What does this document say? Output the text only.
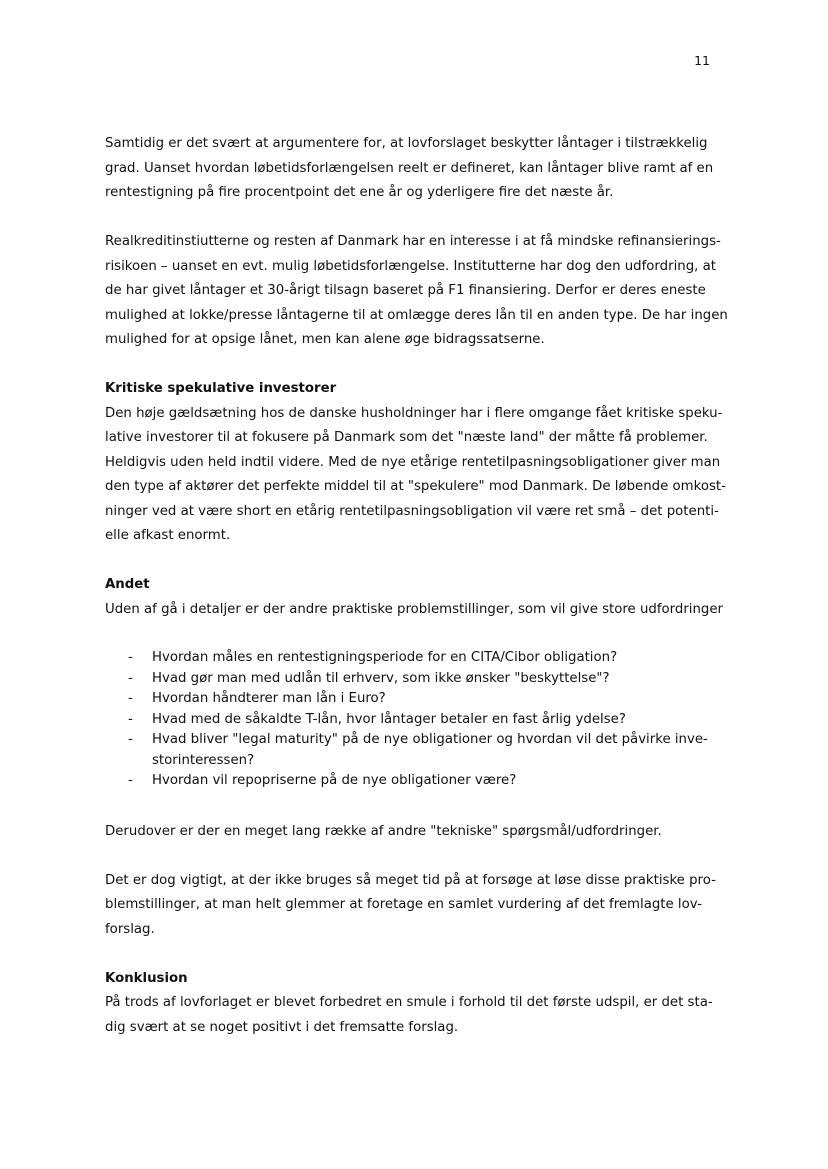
11

Samtidig er det svært at argumentere for, at lovforslaget beskytter låntager i tilstrækkelig
grad. Uanset hvordan løbetidsforlængelsen reelt er defineret, kan låntager blive ramt af en
rentestigning på fire procentpoint det ene år og yderligere fire det næste år.

Realkreditinstiutterne og resten af Danmark har en interesse i at få mindske refinansierings-
risikoen – uanset en evt. mulig løbetidsforlængelse. Institutterne har dog den udfordring, at
de har givet låntager et 30-årigt tilsagn baseret på F1 finansiering. Derfor er deres eneste
mulighed at lokke/presse låntagerne til at omlægge deres lån til en anden type. De har ingen
mulighed for at opsige lånet, men kan alene øge bidragssatserne.

Kritiske spekulative investorer
Den høje gældsætning hos de danske husholdninger har i flere omgange fået kritiske speku-
lative investorer til at fokusere på Danmark som det "næste land" der måtte få problemer.
Heldigvis uden held indtil videre. Med de nye etårige rentetilpasningsobligationer giver man
den type af aktører det perfekte middel til at "spekulere" mod Danmark. De løbende omkost-
ninger ved at være short en etårig rentetilpasningsobligation vil være ret små – det potenti-
elle afkast enormt.
Andet
Uden af gå i detaljer er der andre praktiske problemstillinger, som vil give store udfordringer
- Hvordan måles en rentestigningsperiode for en CITA/Cibor obligation?
- Hvad gør man med udlån til erhverv, som ikke ønsker "beskyttelse"?
- Hvordan håndterer man lån i Euro?
- Hvad med de såkaldte T-lån, hvor låntager betaler en fast årlig ydelse?
- Hvad bliver "legal maturity" på de nye obligationer og hvordan vil det påvirke inve-
storinteressen?
- Hvordan vil repopriserne på de nye obligationer være?
Derudover er der en meget lang række af andre "tekniske" spørgsmål/udfordringer.
Det er dog vigtigt, at der ikke bruges så meget tid på at forsøge at løse disse praktiske pro-
blemstillinger, at man helt glemmer at foretage en samlet vurdering af det fremlagte lov-
forslag.
Konklusion
På trods af lovforlaget er blevet forbedret en smule i forhold til det første udspil, er det sta-
dig svært at se noget positivt i det fremsatte forslag.
